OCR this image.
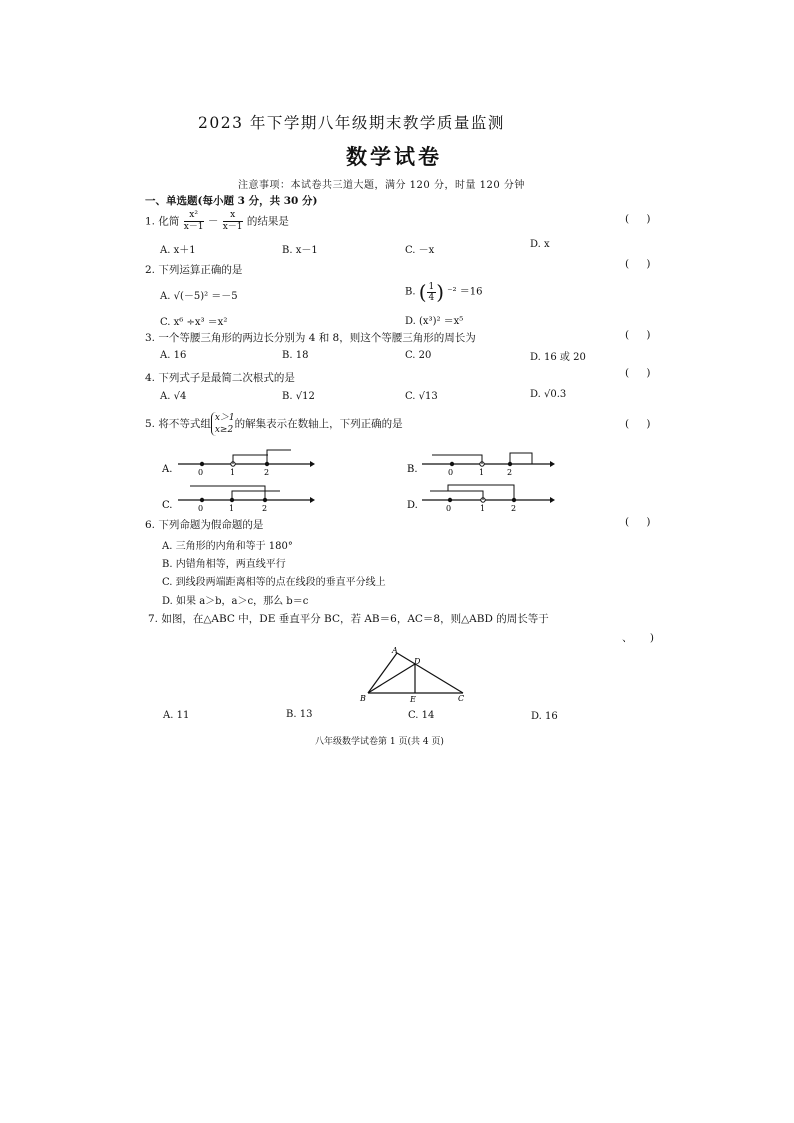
2023 年下学期八年级期末教学质量监测
数学试卷
注意事项：本试卷共三道大题，满分 120 分，时量 120 分钟
一、单选题(每小题 3 分，共 30 分)
1. 化简 $\frac{\text{x²}}{x-1} - \frac{x}{x-1}$ 的结果是	( )
A. x＋1	B. x－1	C. －x
D. x
2. 下列运算正确的是	( )
A. √(－5)² ＝－5	B. ( $\frac{1}{4}$) ⁻² ＝16
C. x⁶ ÷x³ ＝x²	D. (x³)² ＝x⁵
3. 一个等腰三角形的两边长分别为 4 和 8，则这个等腰三角形的周长为	( )
A. 16	B. 18	C. 20	D. 16 或 20
4. 下列式子是最简二次根式的是	( )
A. √4	B. √12	C. √13	D. √0.3
5. 将不等式组 x＞1
x≥2 的解集表示在数轴上，下列正确的是	( )
A.	0	1	2	B.	0	1	2
C.	0	1	2	D.	0	1	2
6. 下列命题为假命题的是	( )
A. 三角形的内角和等于 180°
B. 内错角相等，两直线平行
C. 到线段两端距离相等的点在线段的垂直平分线上
D. 如果 a＞b，a＞c，那么 b＝c
7. 如图，在△ABC 中，DE 垂直平分 BC，若 AB＝6，AC＝8，则△ABD 的周长等于
、 )
A
B	C
D
E
A. 11	B. 13	C. 14	D. 16
八年级数学试卷第 1 页(共 4 页)
